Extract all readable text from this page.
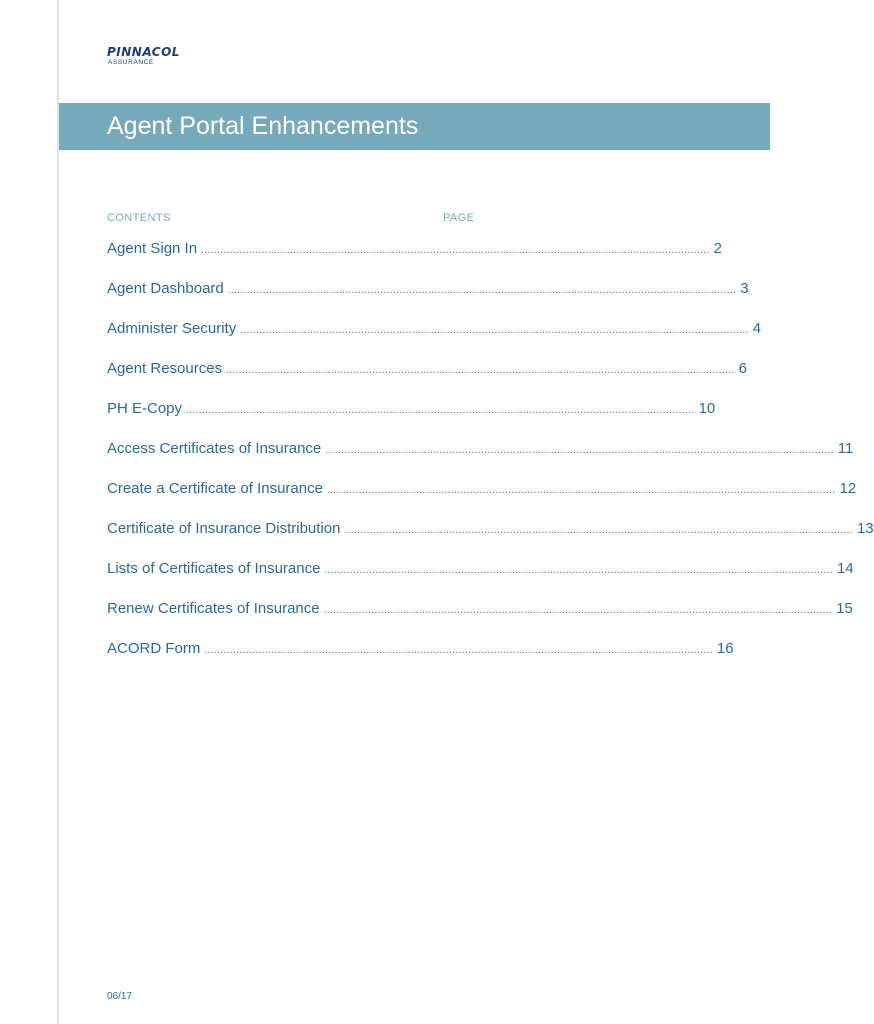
PINNACOL
ASSURANCE
Agent Portal Enhancements
CONTENTS	PAGE
Agent Sign In ................................................................................................................................................................ 2
Agent Dashboard ................................................................................................................................................................ 3
Administer Security ................................................................................................................................................................ 4
Agent Resources ................................................................................................................................................................ 6
PH E-Copy ................................................................................................................................................................ 10
Access Certificates of Insurance ................................................................................................................................................................ 11
Create a Certificate of Insurance ................................................................................................................................................................ 12
Certificate of Insurance Distribution ................................................................................................................................................................ 13
Lists of Certificates of Insurance ................................................................................................................................................................ 14
Renew Certificates of Insurance ................................................................................................................................................................ 15
ACORD Form ................................................................................................................................................................ 16
06/17
